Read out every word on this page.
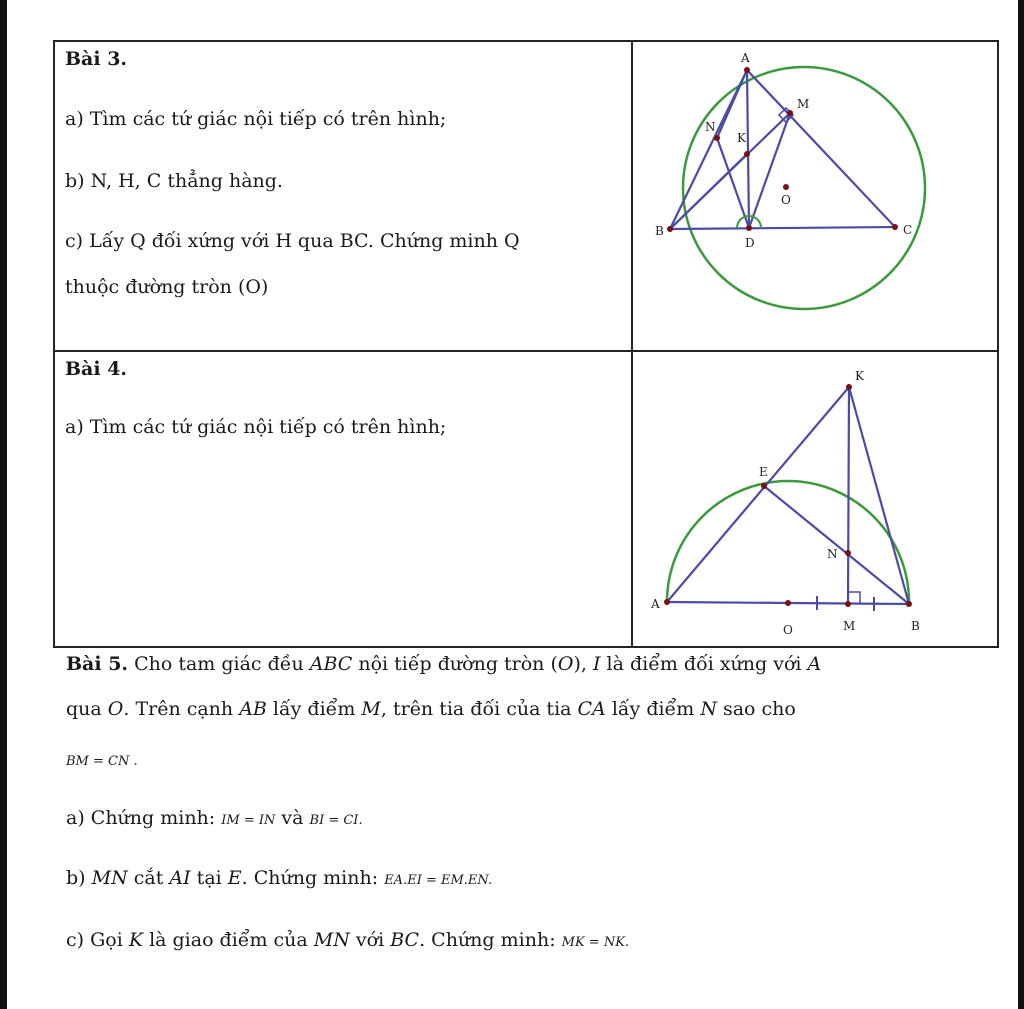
Bài 3.
a) Tìm các tứ giác nội tiếp có trên hình;
b) N, H, C thẳng hàng.
c) Lấy Q đối xứng với H qua BC. Chứng minh Q
thuộc đường tròn (O)
Bài 4.
a) Tìm các tứ giác nội tiếp có trên hình;
A
M
N
K
O
B
D
C
K
E
N
A
O	M	B
Bài 5. Cho tam giác đều ABC nội tiếp đường tròn (O), I là điểm đối xứng với A
qua O. Trên cạnh AB lấy điểm M, trên tia đối của tia CA lấy điểm N sao cho
BM = CN .
a) Chứng minh: IM = IN và BI = CI.
b) MN cắt AI tại E. Chứng minh: EA.EI = EM.EN.
c) Gọi K là giao điểm của MN với BC. Chứng minh: MK = NK.
